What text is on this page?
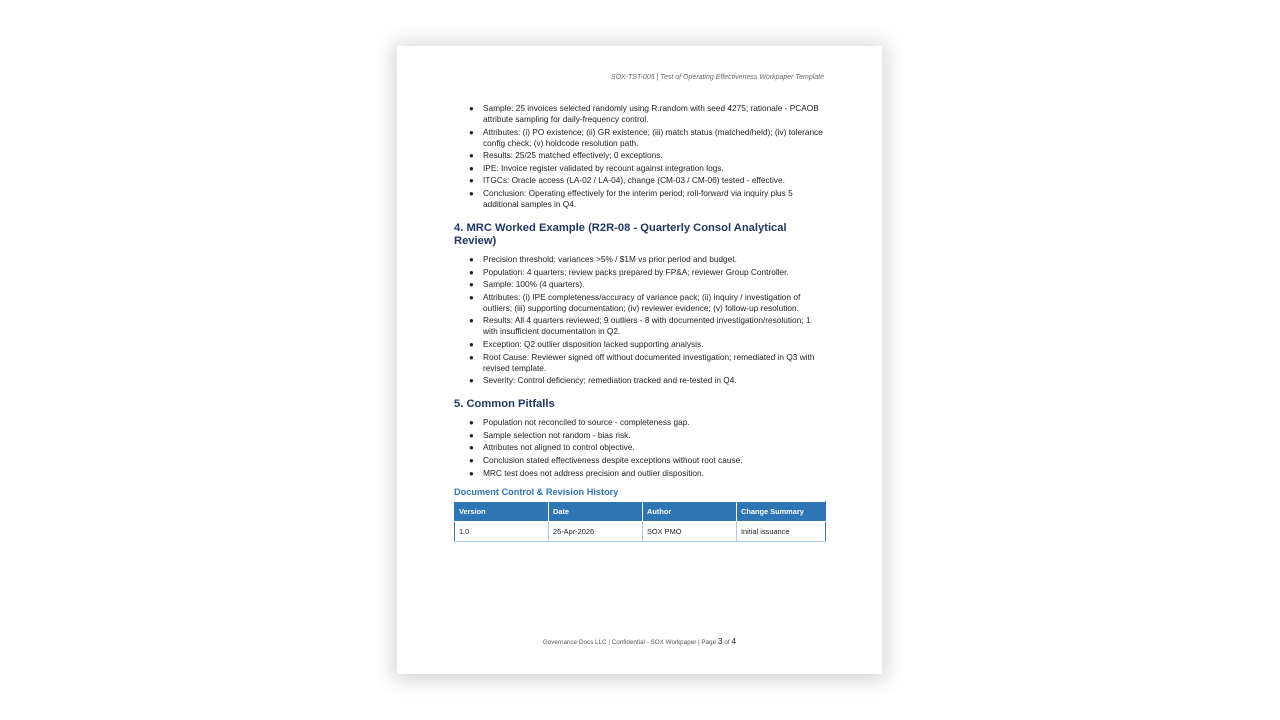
SOX-TST-005 | Test of Operating Effectiveness Workpaper Template
● Sample: 25 invoices selected randomly using R.random with seed 4275; rationale - PCAOB attribute sampling for daily-frequency control.
● Attributes: (i) PO existence; (ii) GR existence; (iii) match status (matched/held); (iv) tolerance config check; (v) holdcode resolution path.
● Results: 25/25 matched effectively; 0 exceptions.
● IPE: Invoice register validated by recount against integration logs.
● ITGCs: Oracle access (LA-02 / LA-04), change (CM-03 / CM-06) tested - effective.
● Conclusion: Operating effectively for the interim period; roll-forward via inquiry plus 5 additional samples in Q4.
4. MRC Worked Example (R2R-08 - Quarterly Consol Analytical Review)
● Precision threshold: variances >5% / $1M vs prior period and budget.
● Population: 4 quarters; review packs prepared by FP&A; reviewer Group Controller.
● Sample: 100% (4 quarters).
● Attributes: (i) IPE completeness/accuracy of variance pack; (ii) inquiry / investigation of outliers; (iii) supporting documentation; (iv) reviewer evidence; (v) follow-up resolution.
● Results: All 4 quarters reviewed; 9 outliers - 8 with documented investigation/resolution; 1 with insufficient documentation in Q2.
● Exception: Q2 outlier disposition lacked supporting analysis.
● Root Cause: Reviewer signed off without documented investigation; remediated in Q3 with revised template.
● Severity: Control deficiency; remediation tracked and re-tested in Q4.
5. Common Pitfalls
● Population not reconciled to source - completeness gap.
● Sample selection not random - bias risk.
● Attributes not aligned to control objective.
● Conclusion stated effectiveness despite exceptions without root cause.
● MRC test does not address precision and outlier disposition.
Document Control & Revision History
Version	Date	Author	Change Summary
1.0	26-Apr-2026	SOX PMO	Initial issuance
Governance Docs LLC | Confidential - SOX Workpaper | Page 3 of 4
